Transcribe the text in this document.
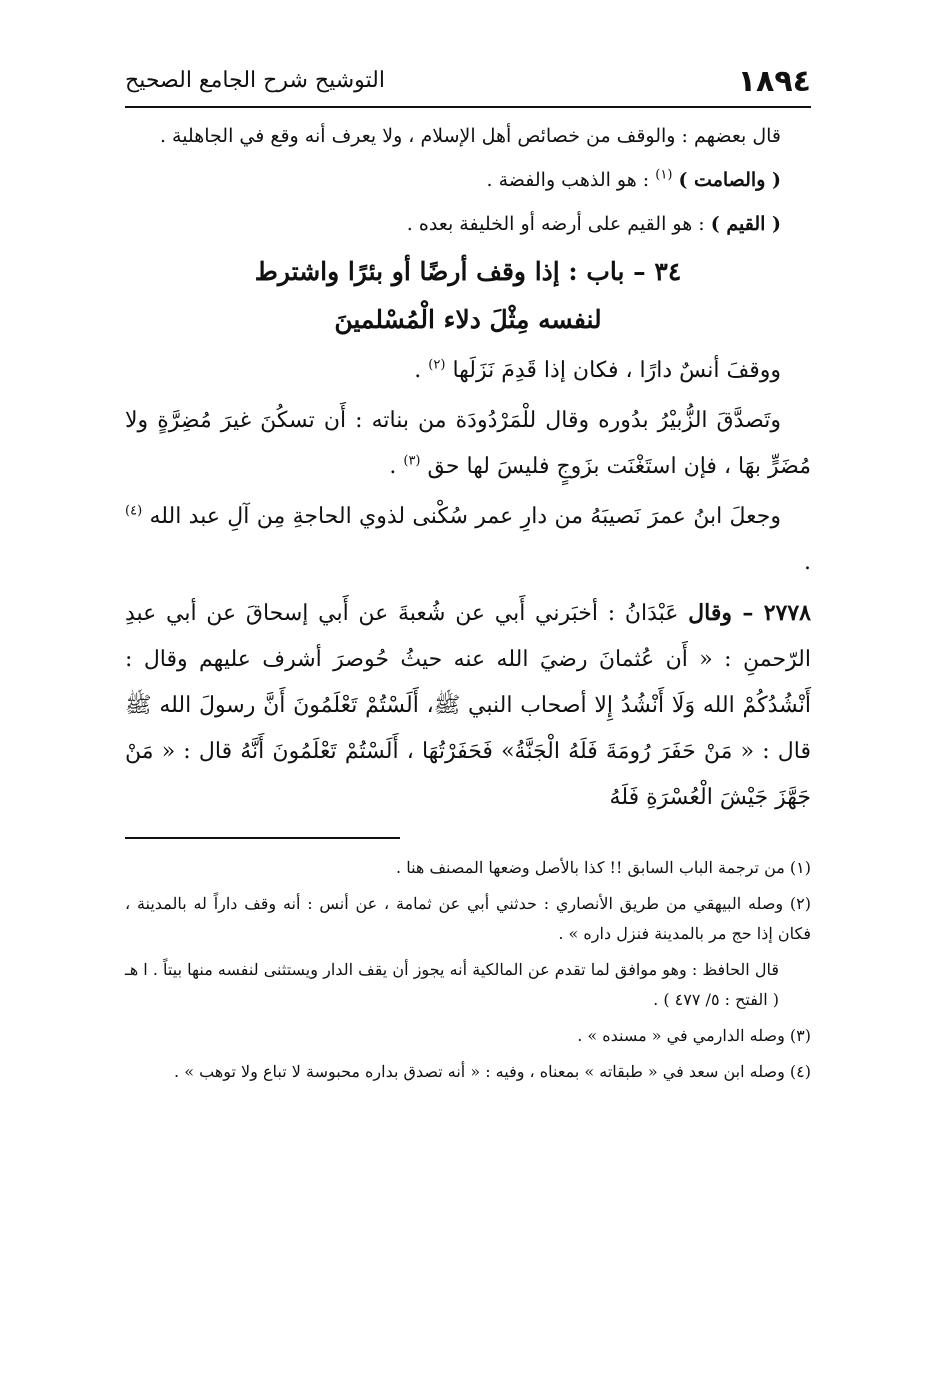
١٨٩٤
التوشيح شرح الجامع الصحيح

قال بعضهم : والوقف من خصائص أهل الإسلام ، ولا يعرف أنه وقع في الجاهلية .

( والصامت ) $^{(١)}$ : هو الذهب والفضة .

( القيم ) : هو القيم على أرضه أو الخليفة بعده .

٣٤ – باب : إذا وقف أرضًا أو بئرًا واشترط
لنفسه مِثْلَ دلاء الْمُسْلمينَ

ووقفَ أنسٌ دارًا ، فكان إذا قَدِمَ نَزَلَها $^{(٢)}$ .

وتَصدَّقَ الزُّبيْرُ بدُوره وقال للْمَرْدُودَة من بناته : أَن تسكُنَ غيرَ مُضِرَّةٍ ولا مُضَرٍّ بهَا ، فإن استَغْنَت بزَوجٍ فليسَ لها حق $^{(٣)}$ .

وجعلَ ابنُ عمرَ نَصيبَهُ من دارِ عمر سُكْنى لذوي الحاجةِ مِن آلِ عبد الله $^{(٤)}$ .

٢٧٧٨ – وقال عَبْدَانُ : أخبَرني أَبي عن شُعبةَ عن أَبي إسحاقَ عن أبي عبدِ الرّحمنِ : « أَن عُثمانَ رضيَ الله عنه حيثُ حُوصرَ أشرف عليهم وقال : أَنْشُدُكُمْ الله وَلَا أَنْشُدُ إِلا أصحاب النبي ﷺ، أَلَسْتُمْ تَعْلَمُونَ أَنَّ رسولَ الله ﷺ قال : « مَنْ حَفَرَ رُومَةَ فَلَهُ الْجَنَّةُ» فَحَفَرْتُهَا ، أَلَسْتُمْ تَعْلَمُونَ أَنَّهُ قال : « مَنْ جَهَّزَ جَيْشَ الْعُسْرَةِ فَلَهُ

(١) من ترجمة الباب السابق !! كذا بالأصل وضعها المصنف هنا .

(٢) وصله البيهقي من طريق الأنصاري : حدثني أبي عن ثمامة ، عن أنس : أنه وقف داراً له بالمدينة ، فكان إذا حج مر بالمدينة فنزل داره » .

قال الحافظ : وهو موافق لما تقدم عن المالكية أنه يجوز أن يقف الدار ويستثنى لنفسه منها بيتاً . ا هـ ( الفتح : ٥/ ٤٧٧ ) .

(٣) وصله الدارمي في « مسنده » .

(٤) وصله ابن سعد في « طبقاته » بمعناه ، وفيه : « أنه تصدق بداره محبوسة لا تباع ولا توهب » .
